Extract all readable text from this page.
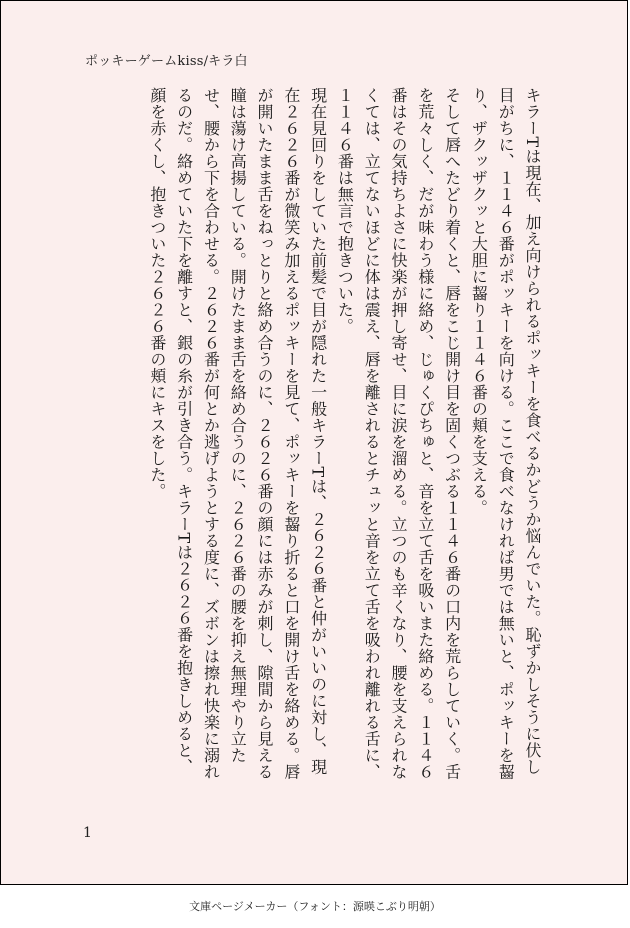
ポッキーゲームkiss/キラ白

キラーTは現在、加え向けられるポッキーを食べるかどうか悩んでいた。恥ずかしそうに伏し目がちに、１１４６番がポッキーを向ける。ここで食べなければ男では無いと、ポッキーを齧り、ザクッザクッと大胆に齧り１１４６番の頬を支える。

そして唇へたどり着くと、唇をこじ開け目を固くつぶる１１４６番の口内を荒らしていく。舌を荒々しく、だが味わう様に絡め、じゅくぴちゅと、音を立て舌を吸いまた絡める。１１４６番はその気持ちよさに快楽が押し寄せ、目に涙を溜める。立つのも辛くなり、腰を支えられなくては、立てないほどに体は震え、唇を離されるとチュッと音を立て舌を吸われ離れる舌に、１１４６番は無言で抱きついた。

現在見回りをしていた前髪で目が隠れた一般キラーTは、２６２６番と仲がいいのに対し、現在２６２６番が微笑み加えるポッキーを見て、ポッキーを齧り折ると口を開け舌を絡める。唇が開いたまま舌をねっとりと絡め合うのに、２６２６番の顔には赤みが刺し、隙間から見える瞳は蕩け高揚している。開けたまま舌を絡め合うのに、２６２６番の腰を抑え無理やり立たせ、腰から下を合わせる。２６２６番が何とか逃げようとする度に、ズボンは擦れ快楽に溺れるのだ。絡めていた下を離すと、銀の糸が引き合う。キラーTは２６２６番を抱きしめると、顔を赤くし、抱きついた２６２６番の頬にキスをした。

1
文庫ページメーカー（フォント：源暎こぶり明朝）
